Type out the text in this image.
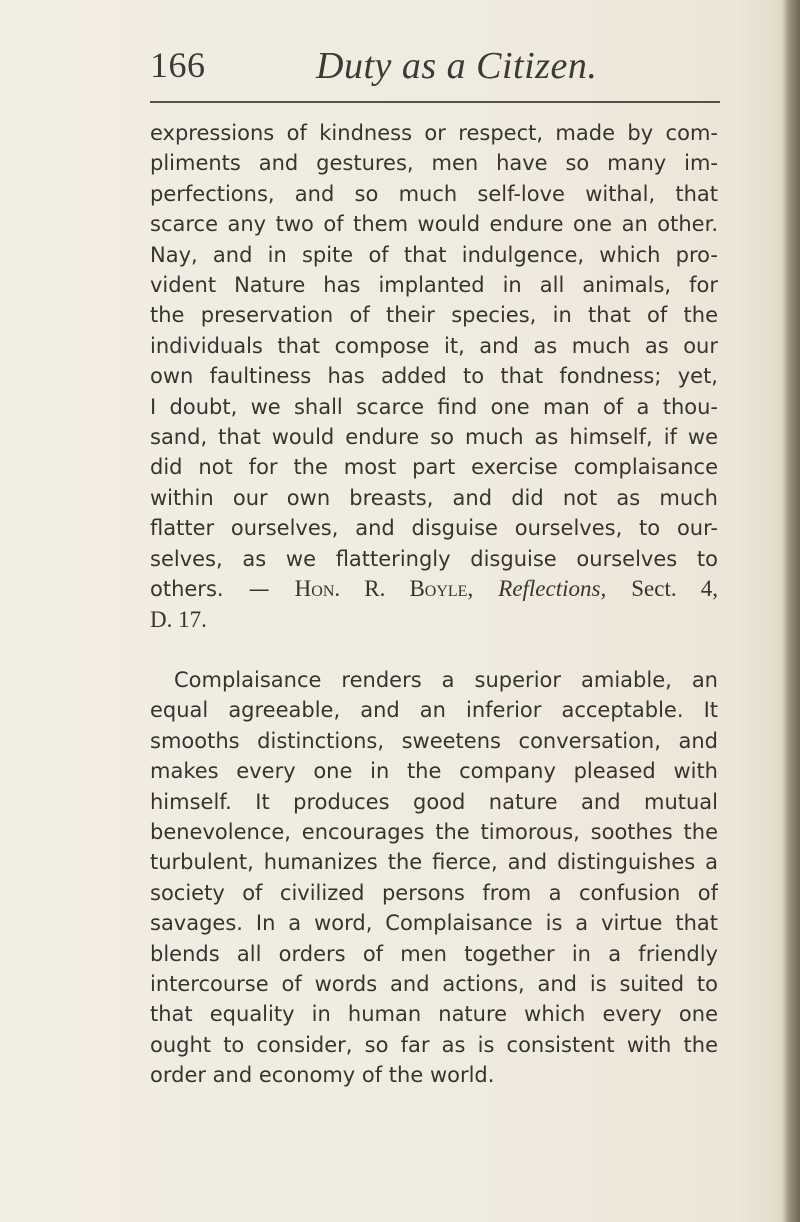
166	Duty as a Citizen.

expressions of kindness or respect, made by com-
pliments and gestures, men have so many im-
perfections, and so much self-love withal, that
scarce any two of them would endure one an other.
Nay, and in spite of that indulgence, which pro-
vident Nature has implanted in all animals, for
the preservation of their species, in that of the
individuals that compose it, and as much as our
own faultiness has added to that fondness; yet,
I doubt, we shall scarce find one man of a thou-
sand, that would endure so much as himself, if we
did not for the most part exercise complaisance
within our own breasts, and did not as much
flatter ourselves, and disguise ourselves, to our-
selves, as we flatteringly disguise ourselves to
others. — Hon. R. Boyle, Reflections, Sect. 4,
D. 17.

Complaisance renders a superior amiable, an
equal agreeable, and an inferior acceptable. It
smooths distinctions, sweetens conversation, and
makes every one in the company pleased with
himself. It produces good nature and mutual
benevolence, encourages the timorous, soothes the
turbulent, humanizes the fierce, and distinguishes a
society of civilized persons from a confusion of
savages. In a word, Complaisance is a virtue that
blends all orders of men together in a friendly
intercourse of words and actions, and is suited to
that equality in human nature which every one
ought to consider, so far as is consistent with the
order and economy of the world.
